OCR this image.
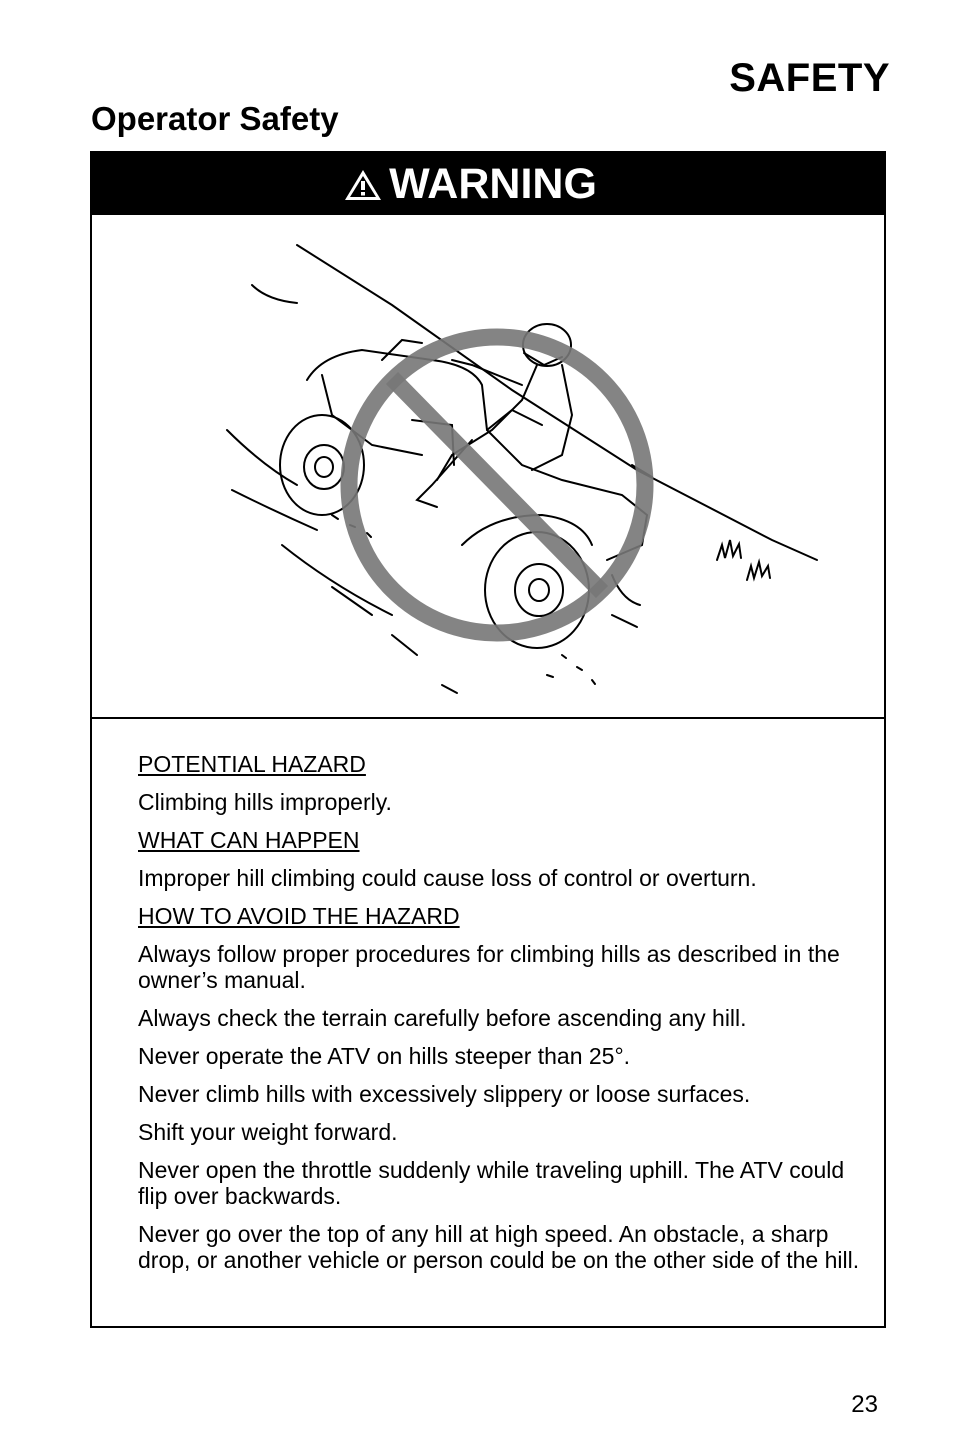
SAFETY
Operator Safety
WARNING

POTENTIAL HAZARD

Climbing hills improperly.

WHAT CAN HAPPEN

Improper hill climbing could cause loss of control or overturn.

HOW TO AVOID THE HAZARD

Always follow proper procedures for climbing hills as described in the owner’s manual.

Always check the terrain carefully before ascending any hill.

Never operate the ATV on hills steeper than 25°.

Never climb hills with excessively slippery or loose surfaces.

Shift your weight forward.

Never open the throttle suddenly while traveling uphill. The ATV could flip over backwards.

Never go over the top of any hill at high speed. An obstacle, a sharp drop, or another vehicle or person could be on the other side of the hill.

23
